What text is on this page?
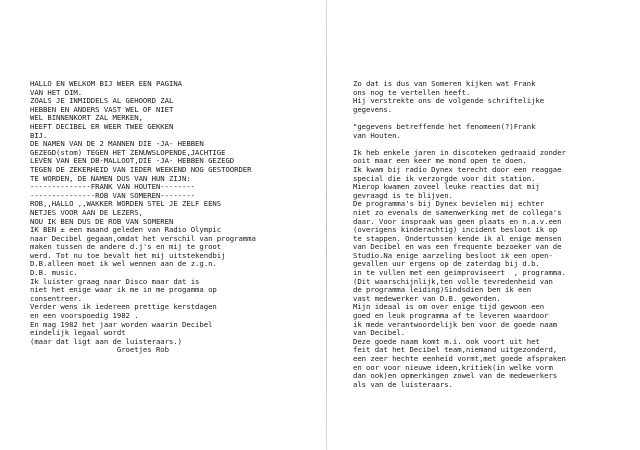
HALLO EN WELKOM BIJ WEER EEN PAGINA
VAN HET DIM.
ZOALS JE INMIDDELS AL GEHOORD ZAL
HEBBEN EN ANDERS VAST WEL OF NIET
WEL BINNENKORT ZAL MERKEN,
HEEFT DECIBEL ER WEER TWEE GEKKEN
BIJ.
DE NAMEN VAN DE 2 MANNEN DIE -JA- HEBBEN
GEZEGD(stom) TEGEN HET ZENUWSLOPENDE,JACHTIGE
LEVEN VAN EEN DB-MALLOOT,DIE -JA- HEBBEN GEZEGD
TEGEN DE ZEKERHEID VAN IEDER WEEKEND NOG GESTOORDER
TE WORDEN, DE NAMEN DUS VAN HUN ZIJN:
--------------FRANK VAN HOUTEN--------
---------------ROB VAN SOMEREN--------
ROB,,HALLO ,,WAKKER WORDEN STEL JE ZELF EENS
NETJES VOOR AAN DE LEZERS,
NOU IK BEN DUS DE ROB VAN SOMEREN
IK BEN ± een maand geleden van Radio Olympic
naar Decibel gegaan,omdat het verschil van programma
maken tussen de andere d.j's en mij te groot
werd. Tot nu toe bevalt het mij uitstekendbij
D.B.alleen moet ik wel wennen aan de z.g.n.
D.B. music.
Ik luister graag naar Disco maar dat is
niet het enige waar ik me in me progamma op
consentreer.
Verder wens ik iedereen prettige kerstdagen
en een voorspoedig 1982 .
En mag 1982 het jaar worden waarin Decibel
eindelijk legaal wordt
(maar dat ligt aan de luisteraars.)
Groetjes Rob
Zo dat is dus van Someren kijken wat Frank
ons nog te vertellen heeft.
Hij verstrekte ons de volgende schriftelijke
gegevens.
"gegevens betreffende het fenomeen(?)Frank
van Houten.
Ik heb enkele jaren in discoteken gedraaid zonder
ooit maar een keer me mond open te doen.
Ik kwam bij radio Dynex terecht door een reaggae
special die ik verzorgde voor dit station.
Mierop kwamen zoveel leuke reacties dat mij
gevraagd is te blijven.
De programma's bij Dynex bevielen mij echter
niet zo evenals de samenwerking met de collega's
daar. Voor inspraak was geen plaats en n.a.v.een
(overigens kinderachtig) incident besloot ik op
te stappen. Ondertussen kende ik al enige mensen
van Decibel en was een frequente bezoeker van de
Studio.Na enige aarzeling besloot ik een open-
gevallen uur ergens op de zaterdag bij d.b.
in te vullen met een geimproviseert  , programma.
(Dit waarschijnlijk,ten volle tevredenheid van
de programma leiding)Sindsdien ben ik een
vast medewerker van D.B. geworden.
Mijn ideaal is om over enige tijd gewoon een
goed en leuk programma af te leveren waardoor
ik mede verantwoordelijk ben voor de goede naam
van Decibel.
Deze goede naam komt m.i. ook voort uit het
feit dat het Decibel team,niemand uitgezonderd,
een zeer hechte eenheid vormt,met goede afspraken
en oor voor nieuwe ideen,kritiek(in welke vorm
dan ook)en opmerkingen zowel van de medewerkers
als van de luisteraars.
